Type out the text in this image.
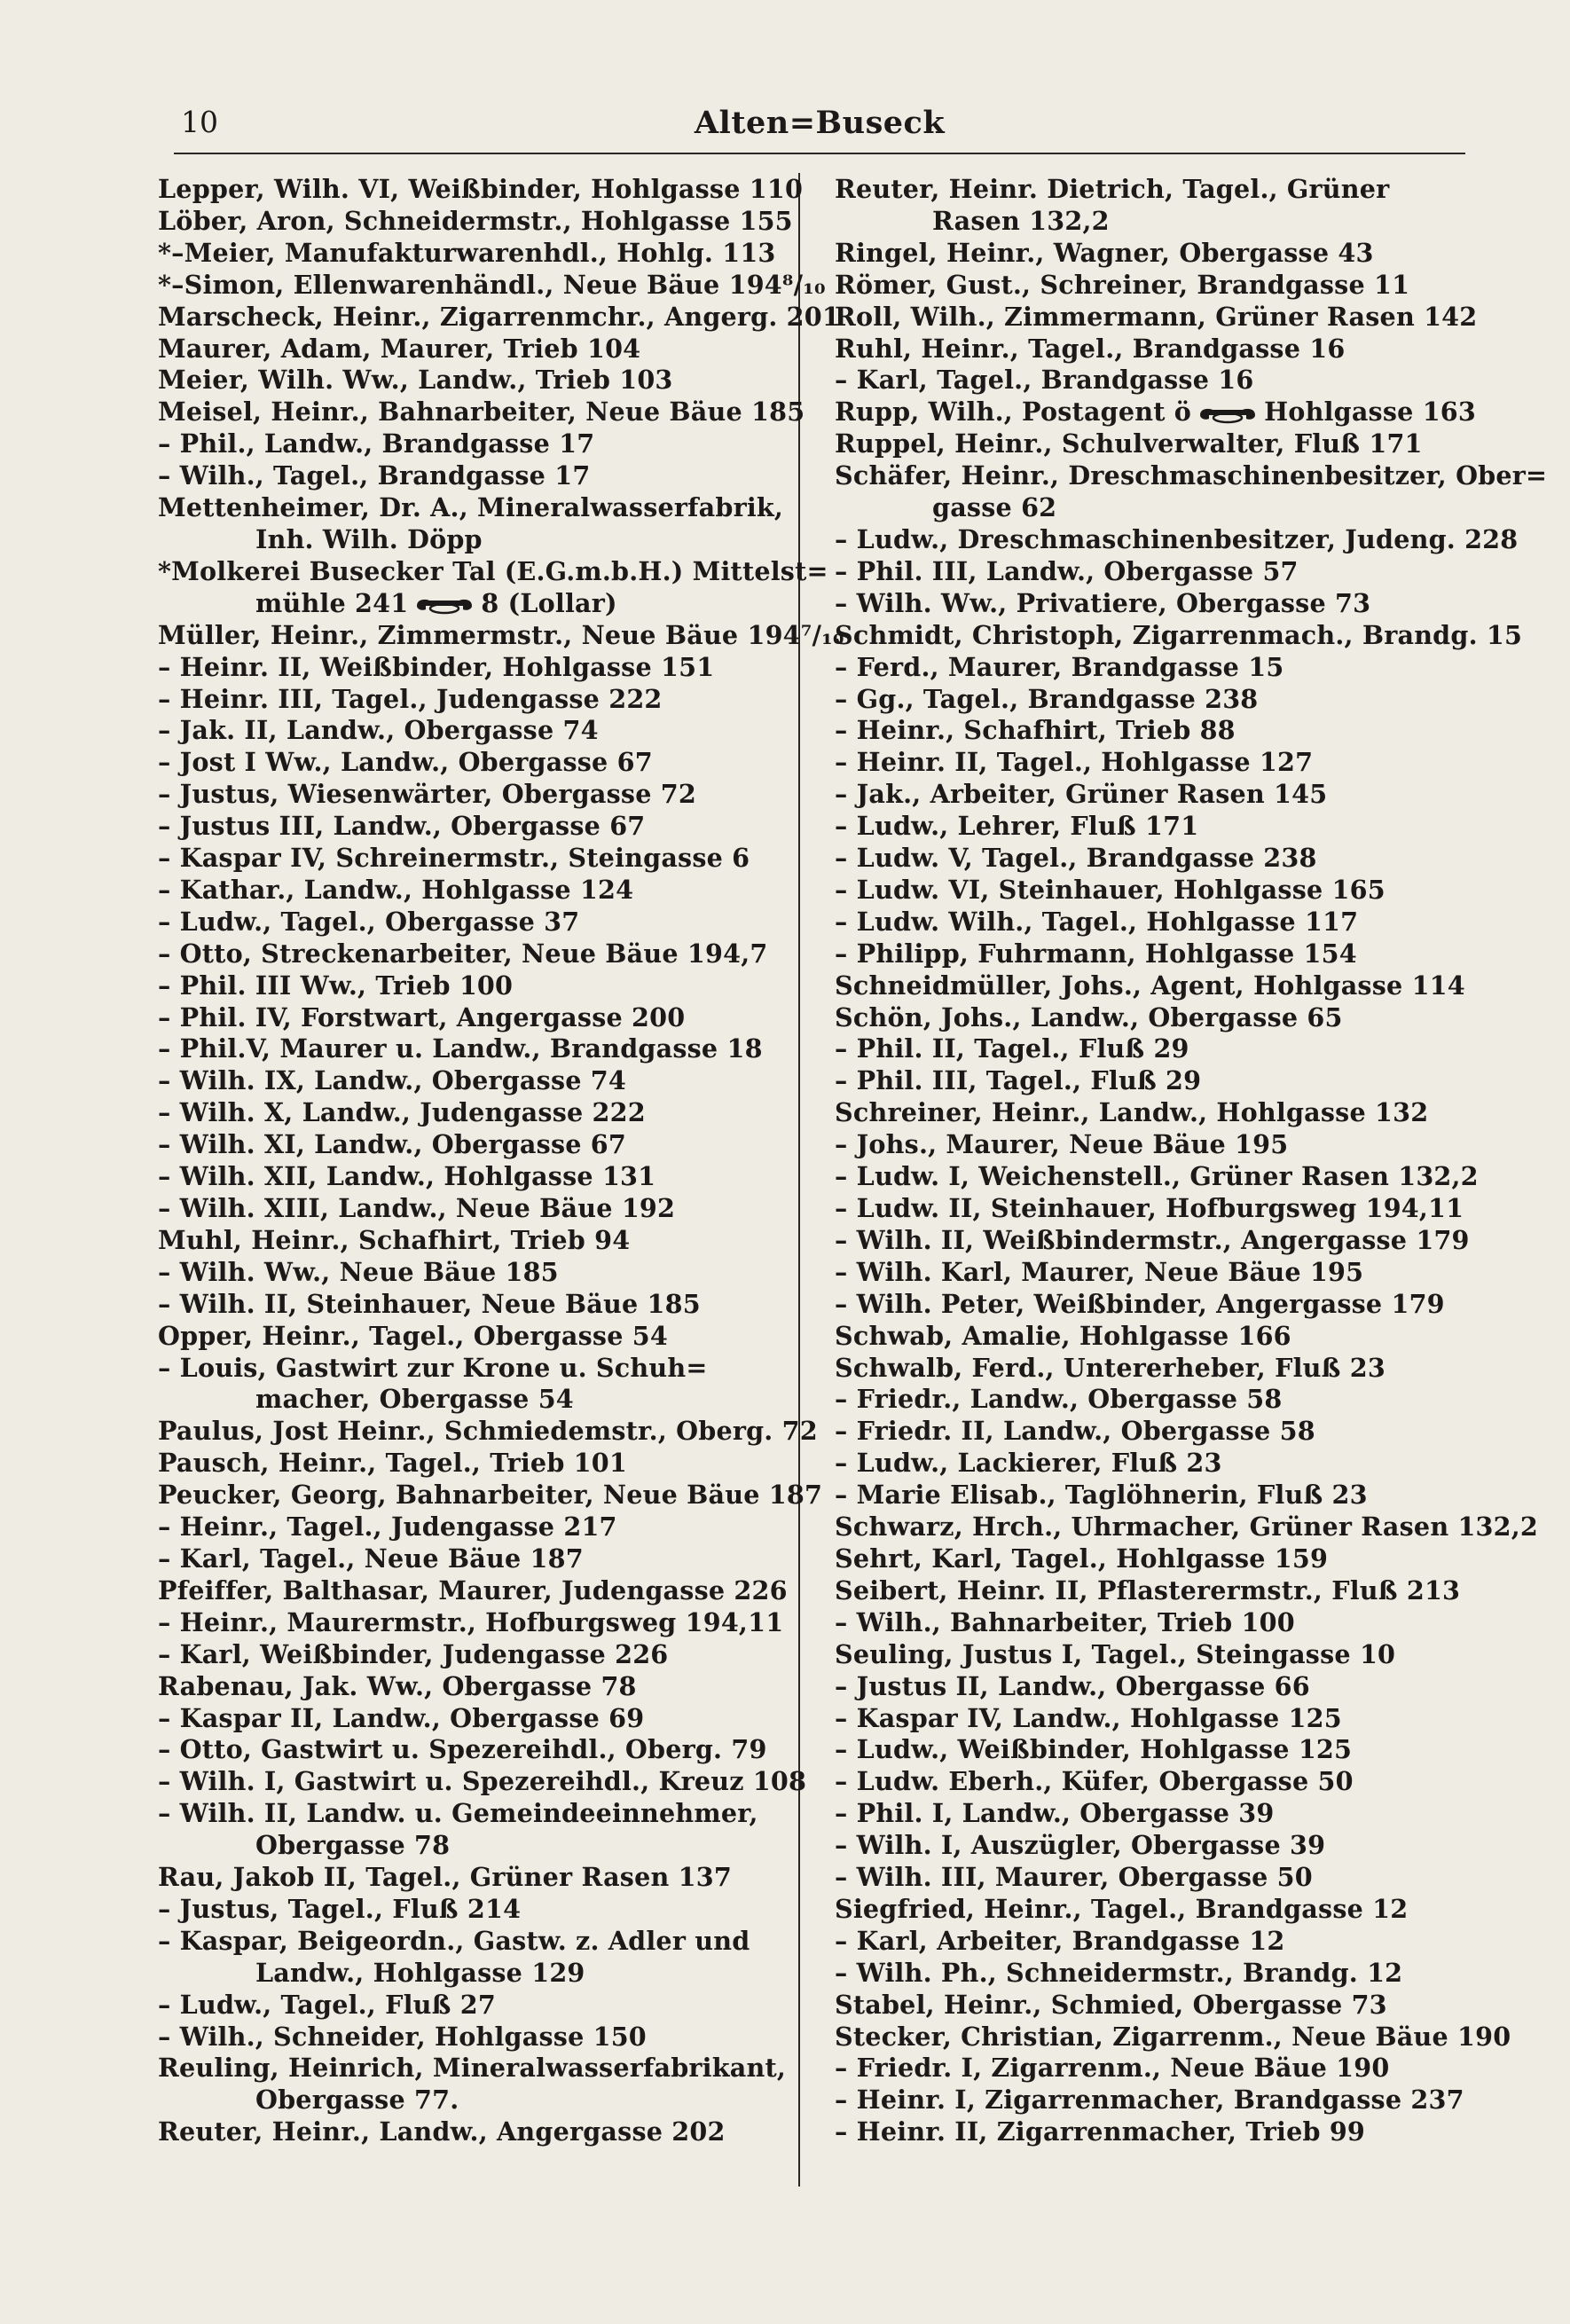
10	Alten=Buseck
Lepper, Wilh. VI, Weißbinder, Hohlgasse 110
Löber, Aron, Schneidermstr., Hohlgasse 155
*–Meier, Manufakturwarenhdl., Hohlg. 113
*–Simon, Ellenwarenhändl., Neue Bäue 194⁸/₁₀
Marscheck, Heinr., Zigarrenmchr., Angerg. 201
Maurer, Adam, Maurer, Trieb 104
Meier, Wilh. Ww., Landw., Trieb 103
Meisel, Heinr., Bahnarbeiter, Neue Bäue 185
– Phil., Landw., Brandgasse 17
– Wilh., Tagel., Brandgasse 17
Mettenheimer, Dr. A., Mineralwasserfabrik,
Inh. Wilh. Döpp
*Molkerei Busecker Tal (E.G.m.b.H.) Mittelst=
mühle 241	8 (Lollar)
Müller, Heinr., Zimmermstr., Neue Bäue 194⁷/₁₀
– Heinr. II, Weißbinder, Hohlgasse 151
– Heinr. III, Tagel., Judengasse 222
– Jak. II, Landw., Obergasse 74
– Jost I Ww., Landw., Obergasse 67
– Justus, Wiesenwärter, Obergasse 72
– Justus III, Landw., Obergasse 67
– Kaspar IV, Schreinermstr., Steingasse 6
– Kathar., Landw., Hohlgasse 124
– Ludw., Tagel., Obergasse 37
– Otto, Streckenarbeiter, Neue Bäue 194,7
– Phil. III Ww., Trieb 100
– Phil. IV, Forstwart, Angergasse 200
– Phil.V, Maurer u. Landw., Brandgasse 18
– Wilh. IX, Landw., Obergasse 74
– Wilh. X, Landw., Judengasse 222
– Wilh. XI, Landw., Obergasse 67
– Wilh. XII, Landw., Hohlgasse 131
– Wilh. XIII, Landw., Neue Bäue 192
Muhl, Heinr., Schafhirt, Trieb 94
– Wilh. Ww., Neue Bäue 185
– Wilh. II, Steinhauer, Neue Bäue 185
Opper, Heinr., Tagel., Obergasse 54
– Louis, Gastwirt zur Krone u. Schuh=
macher, Obergasse 54
Paulus, Jost Heinr., Schmiedemstr., Oberg. 72
Pausch, Heinr., Tagel., Trieb 101
Peucker, Georg, Bahnarbeiter, Neue Bäue 187
– Heinr., Tagel., Judengasse 217
– Karl, Tagel., Neue Bäue 187
Pfeiffer, Balthasar, Maurer, Judengasse 226
– Heinr., Maurermstr., Hofburgsweg 194,11
– Karl, Weißbinder, Judengasse 226
Rabenau, Jak. Ww., Obergasse 78
– Kaspar II, Landw., Obergasse 69
– Otto, Gastwirt u. Spezereihdl., Oberg. 79
– Wilh. I, Gastwirt u. Spezereihdl., Kreuz 108
– Wilh. II, Landw. u. Gemeindeeinnehmer,
Obergasse 78
Rau, Jakob II, Tagel., Grüner Rasen 137
– Justus, Tagel., Fluß 214
– Kaspar, Beigeordn., Gastw. z. Adler und
Landw., Hohlgasse 129
– Ludw., Tagel., Fluß 27
– Wilh., Schneider, Hohlgasse 150
Reuling, Heinrich, Mineralwasserfabrikant,
Obergasse 77.
Reuter, Heinr., Landw., Angergasse 202
Reuter, Heinr. Dietrich, Tagel., Grüner
Rasen 132,2
Ringel, Heinr., Wagner, Obergasse 43
Römer, Gust., Schreiner, Brandgasse 11
Roll, Wilh., Zimmermann, Grüner Rasen 142
Ruhl, Heinr., Tagel., Brandgasse 16
– Karl, Tagel., Brandgasse 16
Rupp, Wilh., Postagent ö	Hohlgasse 163
Ruppel, Heinr., Schulverwalter, Fluß 171
Schäfer, Heinr., Dreschmaschinenbesitzer, Ober=
gasse 62
– Ludw., Dreschmaschinenbesitzer, Judeng. 228
– Phil. III, Landw., Obergasse 57
– Wilh. Ww., Privatiere, Obergasse 73
Schmidt, Christoph, Zigarrenmach., Brandg. 15
– Ferd., Maurer, Brandgasse 15
– Gg., Tagel., Brandgasse 238
– Heinr., Schafhirt, Trieb 88
– Heinr. II, Tagel., Hohlgasse 127
– Jak., Arbeiter, Grüner Rasen 145
– Ludw., Lehrer, Fluß 171
– Ludw. V, Tagel., Brandgasse 238
– Ludw. VI, Steinhauer, Hohlgasse 165
– Ludw. Wilh., Tagel., Hohlgasse 117
– Philipp, Fuhrmann, Hohlgasse 154
Schneidmüller, Johs., Agent, Hohlgasse 114
Schön, Johs., Landw., Obergasse 65
– Phil. II, Tagel., Fluß 29
– Phil. III, Tagel., Fluß 29
Schreiner, Heinr., Landw., Hohlgasse 132
– Johs., Maurer, Neue Bäue 195
– Ludw. I, Weichenstell., Grüner Rasen 132,2
– Ludw. II, Steinhauer, Hofburgsweg 194,11
– Wilh. II, Weißbindermstr., Angergasse 179
– Wilh. Karl, Maurer, Neue Bäue 195
– Wilh. Peter, Weißbinder, Angergasse 179
Schwab, Amalie, Hohlgasse 166
Schwalb, Ferd., Untererheber, Fluß 23
– Friedr., Landw., Obergasse 58
– Friedr. II, Landw., Obergasse 58
– Ludw., Lackierer, Fluß 23
– Marie Elisab., Taglöhnerin, Fluß 23
Schwarz, Hrch., Uhrmacher, Grüner Rasen 132,2
Sehrt, Karl, Tagel., Hohlgasse 159
Seibert, Heinr. II, Pflasterermstr., Fluß 213
– Wilh., Bahnarbeiter, Trieb 100
Seuling, Justus I, Tagel., Steingasse 10
– Justus II, Landw., Obergasse 66
– Kaspar IV, Landw., Hohlgasse 125
– Ludw., Weißbinder, Hohlgasse 125
– Ludw. Eberh., Küfer, Obergasse 50
– Phil. I, Landw., Obergasse 39
– Wilh. I, Auszügler, Obergasse 39
– Wilh. III, Maurer, Obergasse 50
Siegfried, Heinr., Tagel., Brandgasse 12
– Karl, Arbeiter, Brandgasse 12
– Wilh. Ph., Schneidermstr., Brandg. 12
Stabel, Heinr., Schmied, Obergasse 73
Stecker, Christian, Zigarrenm., Neue Bäue 190
– Friedr. I, Zigarrenm., Neue Bäue 190
– Heinr. I, Zigarrenmacher, Brandgasse 237
– Heinr. II, Zigarrenmacher, Trieb 99
